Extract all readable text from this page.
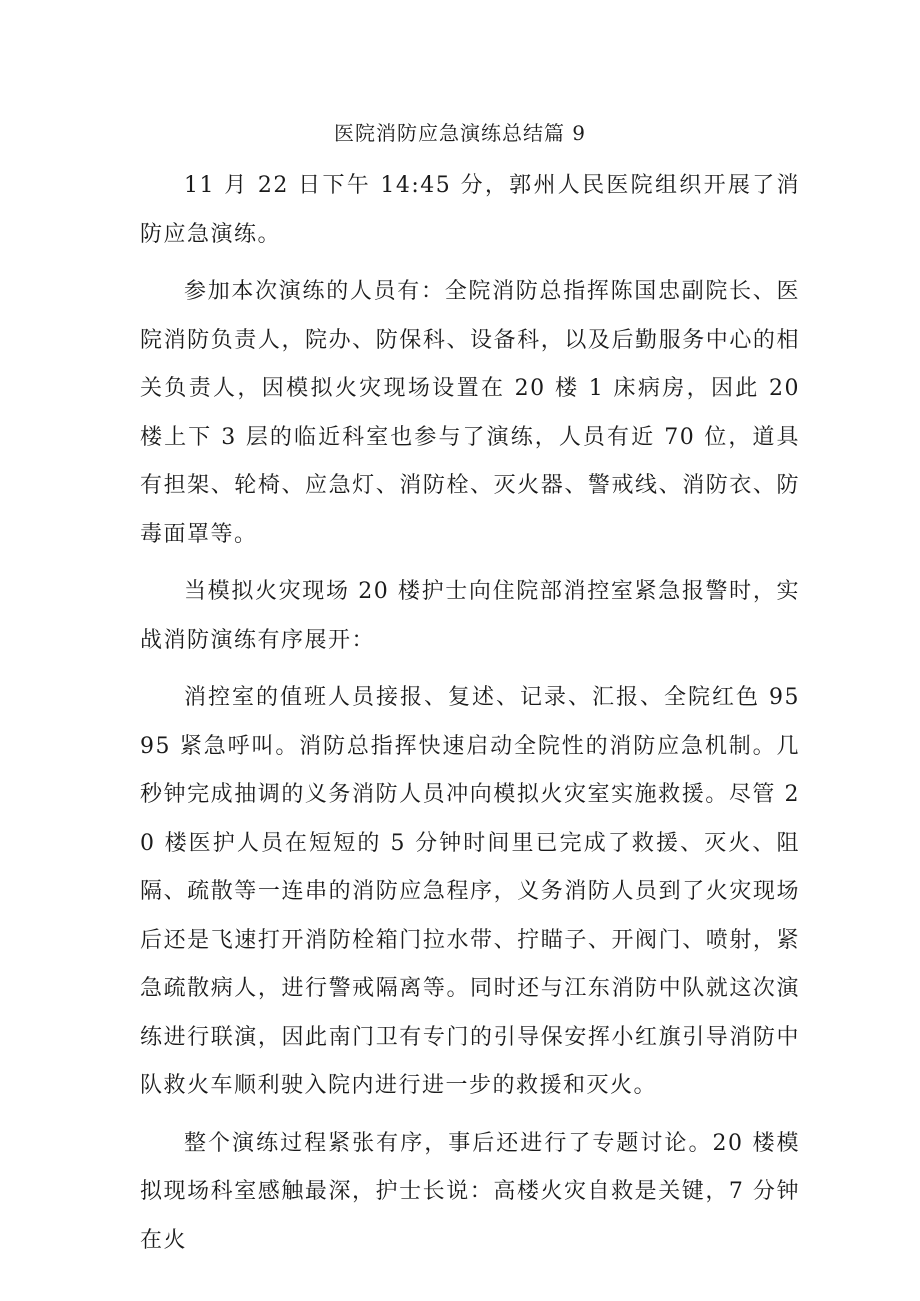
医院消防应急演练总结篇 9

11 月 22 日下午 14:45 分，郭州人民医院组织开展了消防应急演练。

参加本次演练的人员有：全院消防总指挥陈国忠副院长、医院消防负责人，院办、防保科、设备科，以及后勤服务中心的相关负责人，因模拟火灾现场设置在 20 楼 1 床病房，因此 20 楼上下 3 层的临近科室也参与了演练，人员有近 70 位，道具有担架、轮椅、应急灯、消防栓、灭火器、警戒线、消防衣、防毒面罩等。

当模拟火灾现场 20 楼护士向住院部消控室紧急报警时，实战消防演练有序展开：

消控室的值班人员接报、复述、记录、汇报、全院红色 9595 紧急呼叫。消防总指挥快速启动全院性的消防应急机制。几秒钟完成抽调的义务消防人员冲向模拟火灾室实施救援。尽管 20 楼医护人员在短短的 5 分钟时间里已完成了救援、灭火、阻隔、疏散等一连串的消防应急程序，义务消防人员到了火灾现场后还是飞速打开消防栓箱门拉水带、拧瞄子、开阀门、喷射，紧急疏散病人，进行警戒隔离等。同时还与江东消防中队就这次演练进行联演，因此南门卫有专门的引导保安挥小红旗引导消防中队救火车顺利驶入院内进行进一步的救援和灭火。

整个演练过程紧张有序，事后还进行了专题讨论。20 楼模拟现场科室感触最深，护士长说：高楼火灾自救是关键，7 分钟在火
